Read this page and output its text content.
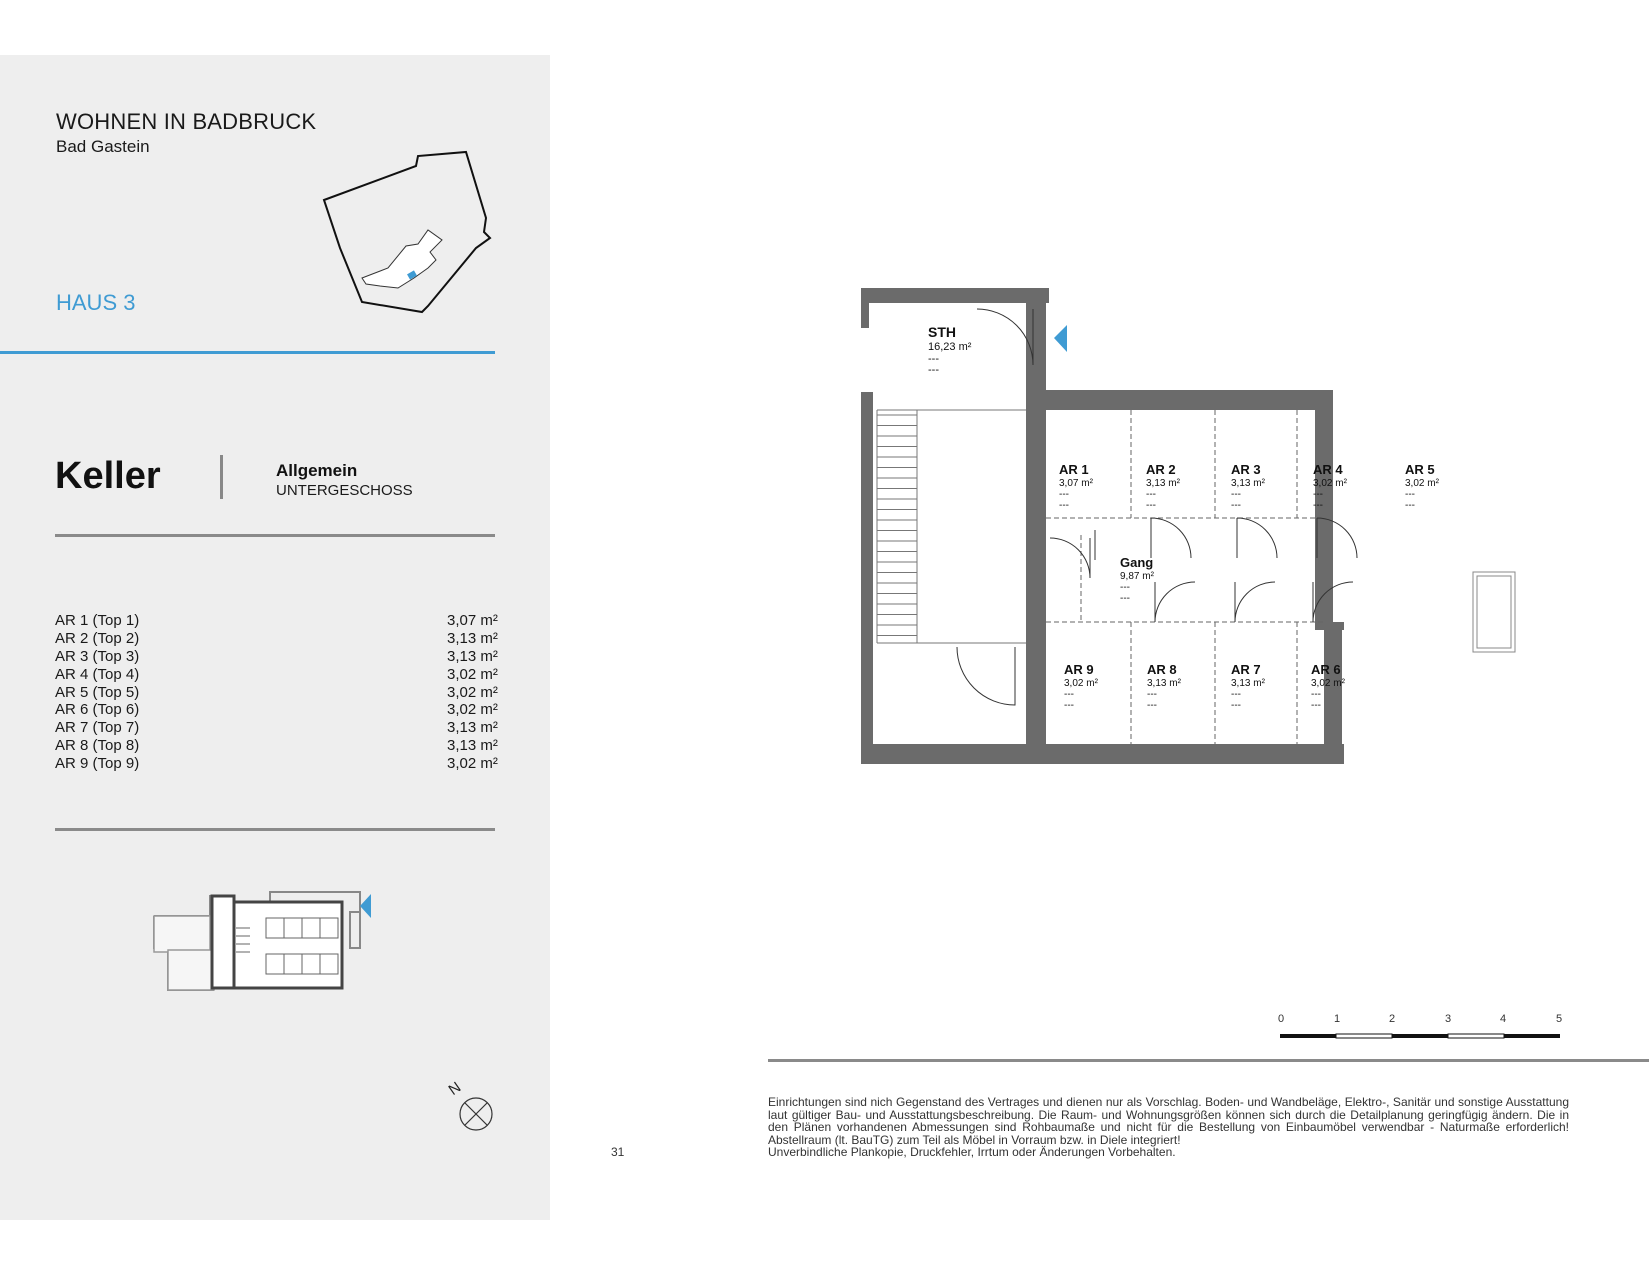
WOHNEN IN BADBRUCK
Bad Gastein
HAUS 3
Keller	Allgemein
UNTERGESCHOSS
AR 1 (Top 1)	3,07 m²
AR 2 (Top 2)	3,13 m²
AR 3 (Top 3)	3,13 m²
AR 4 (Top 4)	3,02 m²
AR 5 (Top 5)	3,02 m²
AR 6 (Top 6)	3,02 m²
AR 7 (Top 7)	3,13 m²
AR 8 (Top 8)	3,13 m²
AR 9 (Top 9)	3,02 m²
N
31
STH
16,23 m²
---
---
AR 1
3,07 m²
---
---
AR 2
3,13 m²
---
---
AR 3
3,13 m²
---
---
AR 4
3,02 m²
---
---
AR 5
3,02 m²
---
---
Gang
9,87 m²
---
---
AR 9
3,02 m²
---
---
AR 8
3,13 m²
---
---
AR 7
3,13 m²
---
---
AR 6
3,02 m²
---
---
0	1	2	3	4	5
Einrichtungen sind nich Gegenstand des Vertrages und dienen nur als Vorschlag. Boden- und Wandbeläge, Elektro-, Sanitär und sonstige Ausstattung laut gültiger Bau- und Ausstattungsbeschreibung. Die Raum- und Wohnungsgrößen können sich durch die Detailplanung geringfügig ändern. Die in den Plänen vorhandenen Abmessungen sind Rohbaumaße und nicht für die Bestellung von Einbaumöbel verwendbar - Naturmaße erforderlich! Abstellraum (lt. BauTG) zum Teil als Möbel in Vorraum bzw. in Diele integriert!
Unverbindliche Plankopie, Druckfehler, Irrtum oder Änderungen Vorbehalten.
